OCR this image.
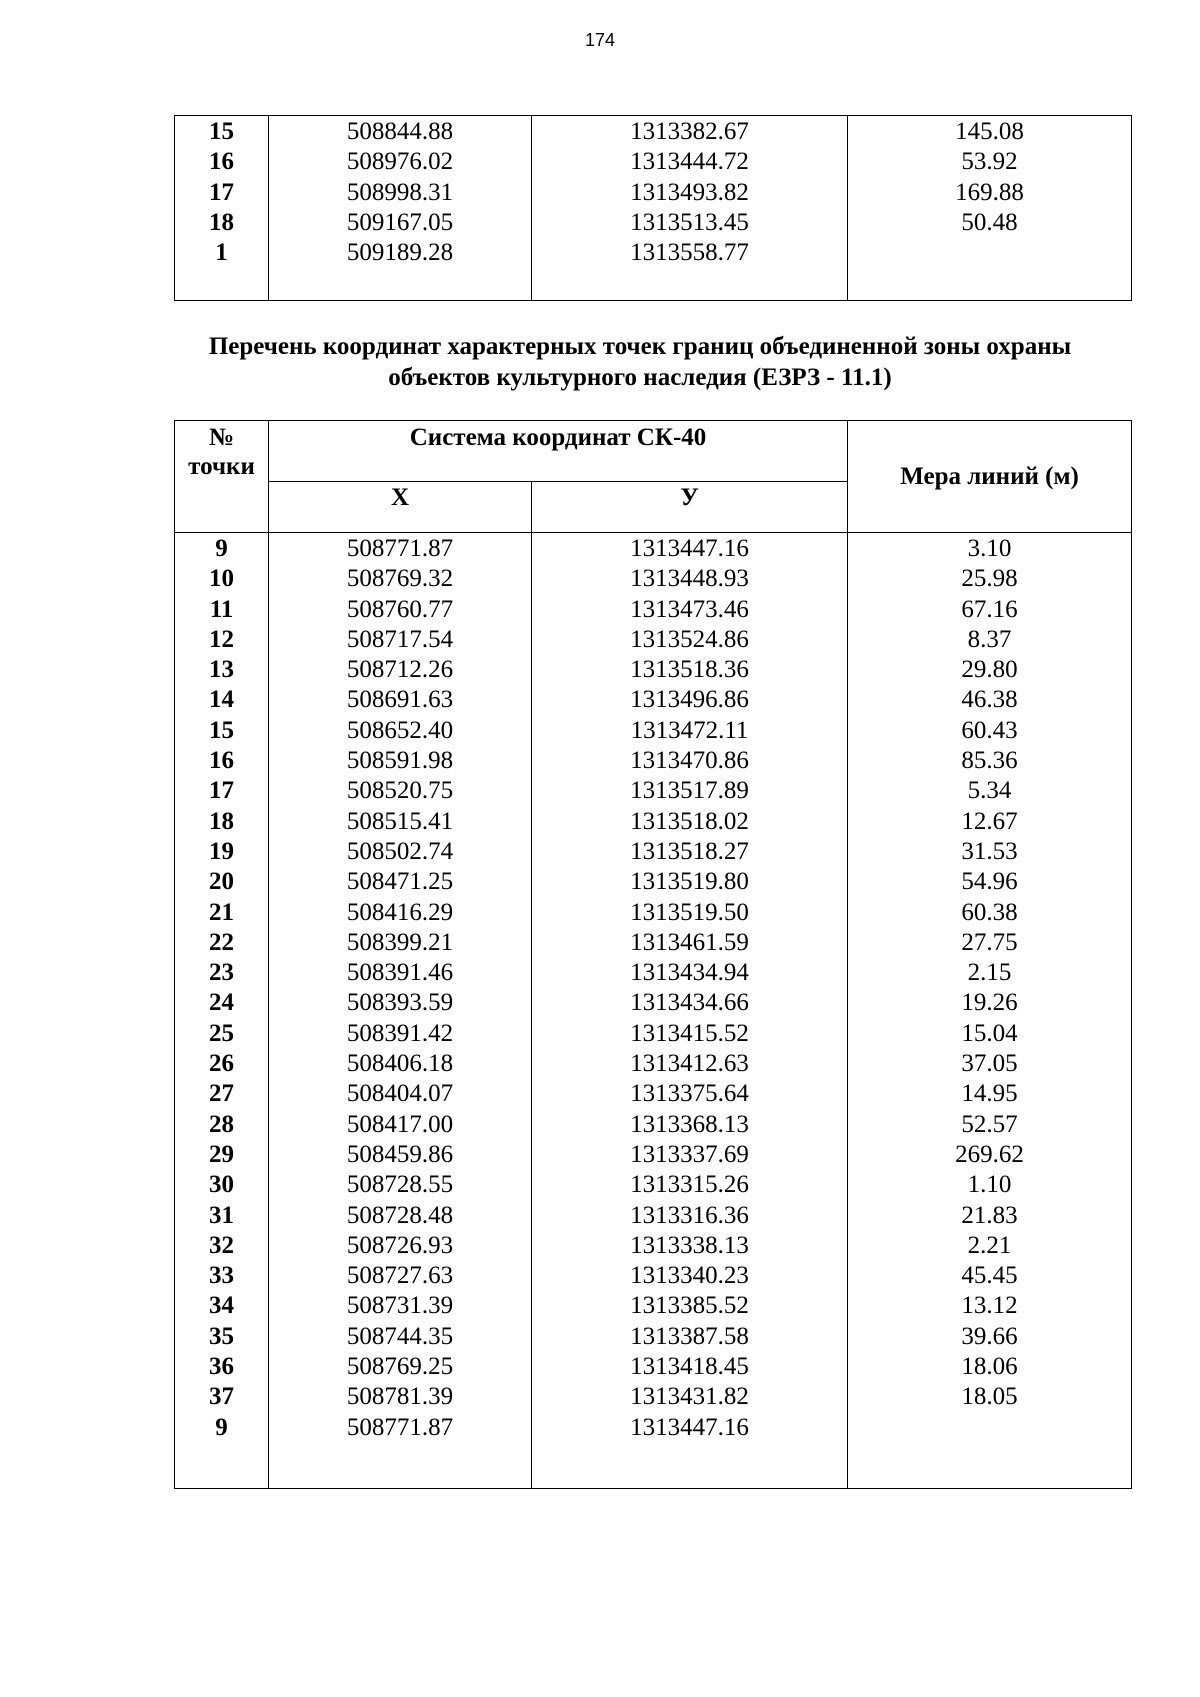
174
15	508844.88	1313382.67	145.08
16	508976.02	1313444.72	53.92
17	508998.31	1313493.82	169.88
18	509167.05	1313513.45	50.48
1	509189.28	1313558.77	

Перечень координат характерных точек границ объединенной зоны охраны
объектов культурного наследия (ЕЗРЗ - 11.1)
№
точки	Система координат СК-40		Мера линий (м)
	Х	У	
9	508771.87	1313447.16	3.10
10	508769.32	1313448.93	25.98
11	508760.77	1313473.46	67.16
12	508717.54	1313524.86	8.37
13	508712.26	1313518.36	29.80
14	508691.63	1313496.86	46.38
15	508652.40	1313472.11	60.43
16	508591.98	1313470.86	85.36
17	508520.75	1313517.89	5.34
18	508515.41	1313518.02	12.67
19	508502.74	1313518.27	31.53
20	508471.25	1313519.80	54.96
21	508416.29	1313519.50	60.38
22	508399.21	1313461.59	27.75
23	508391.46	1313434.94	2.15
24	508393.59	1313434.66	19.26
25	508391.42	1313415.52	15.04
26	508406.18	1313412.63	37.05
27	508404.07	1313375.64	14.95
28	508417.00	1313368.13	52.57
29	508459.86	1313337.69	269.62
30	508728.55	1313315.26	1.10
31	508728.48	1313316.36	21.83
32	508726.93	1313338.13	2.21
33	508727.63	1313340.23	45.45
34	508731.39	1313385.52	13.12
35	508744.35	1313387.58	39.66
36	508769.25	1313418.45	18.06
37	508781.39	1313431.82	18.05
9	508771.87	1313447.16	
